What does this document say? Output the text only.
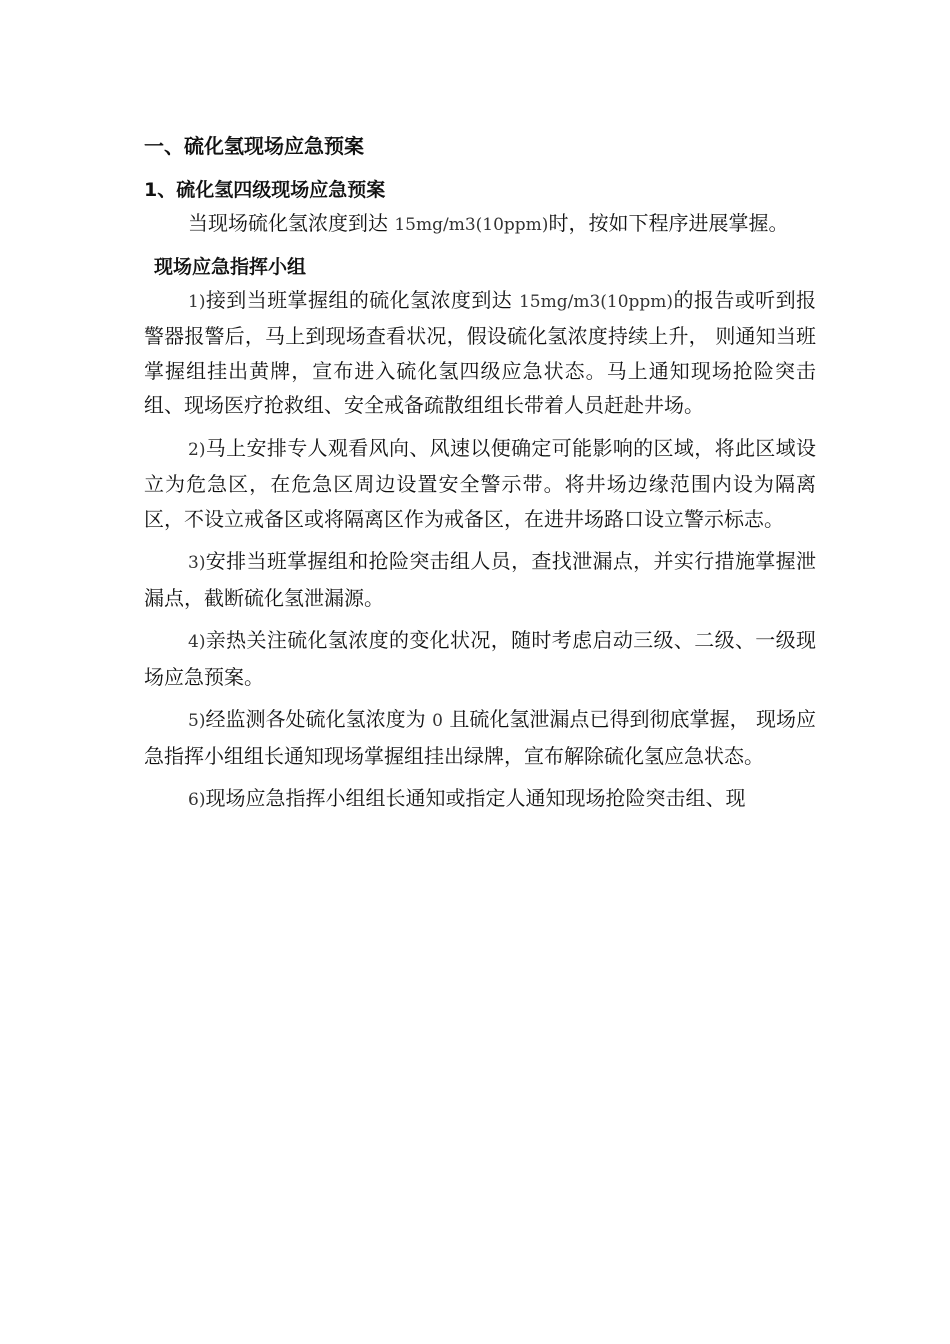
一、硫化氢现场应急预案
1、硫化氢四级现场应急预案
当现场硫化氢浓度到达 15mg/m3(10ppm)时，按如下程序进展掌握。
现场应急指挥小组
1)接到当班掌握组的硫化氢浓度到达 15mg/m3(10ppm)的报告或听到报警器报警后，马上到现场查看状况，假设硫化氢浓度持续上升， 则通知当班掌握组挂出黄牌，宣布进入硫化氢四级应急状态。马上通知现场抢险突击组、现场医疗抢救组、安全戒备疏散组组长带着人员赶赴井场。
2)马上安排专人观看风向、风速以便确定可能影响的区域，将此区域设立为危急区，在危急区周边设置安全警示带。将井场边缘范围内设为隔离区，不设立戒备区或将隔离区作为戒备区，在进井场路口设立警示标志。
3)安排当班掌握组和抢险突击组人员，查找泄漏点，并实行措施掌握泄漏点，截断硫化氢泄漏源。
4)亲热关注硫化氢浓度的变化状况，随时考虑启动三级、二级、一级现场应急预案。
5)经监测各处硫化氢浓度为 0 且硫化氢泄漏点已得到彻底掌握， 现场应急指挥小组组长通知现场掌握组挂出绿牌，宣布解除硫化氢应急状态。
6)现场应急指挥小组组长通知或指定人通知现场抢险突击组、现
